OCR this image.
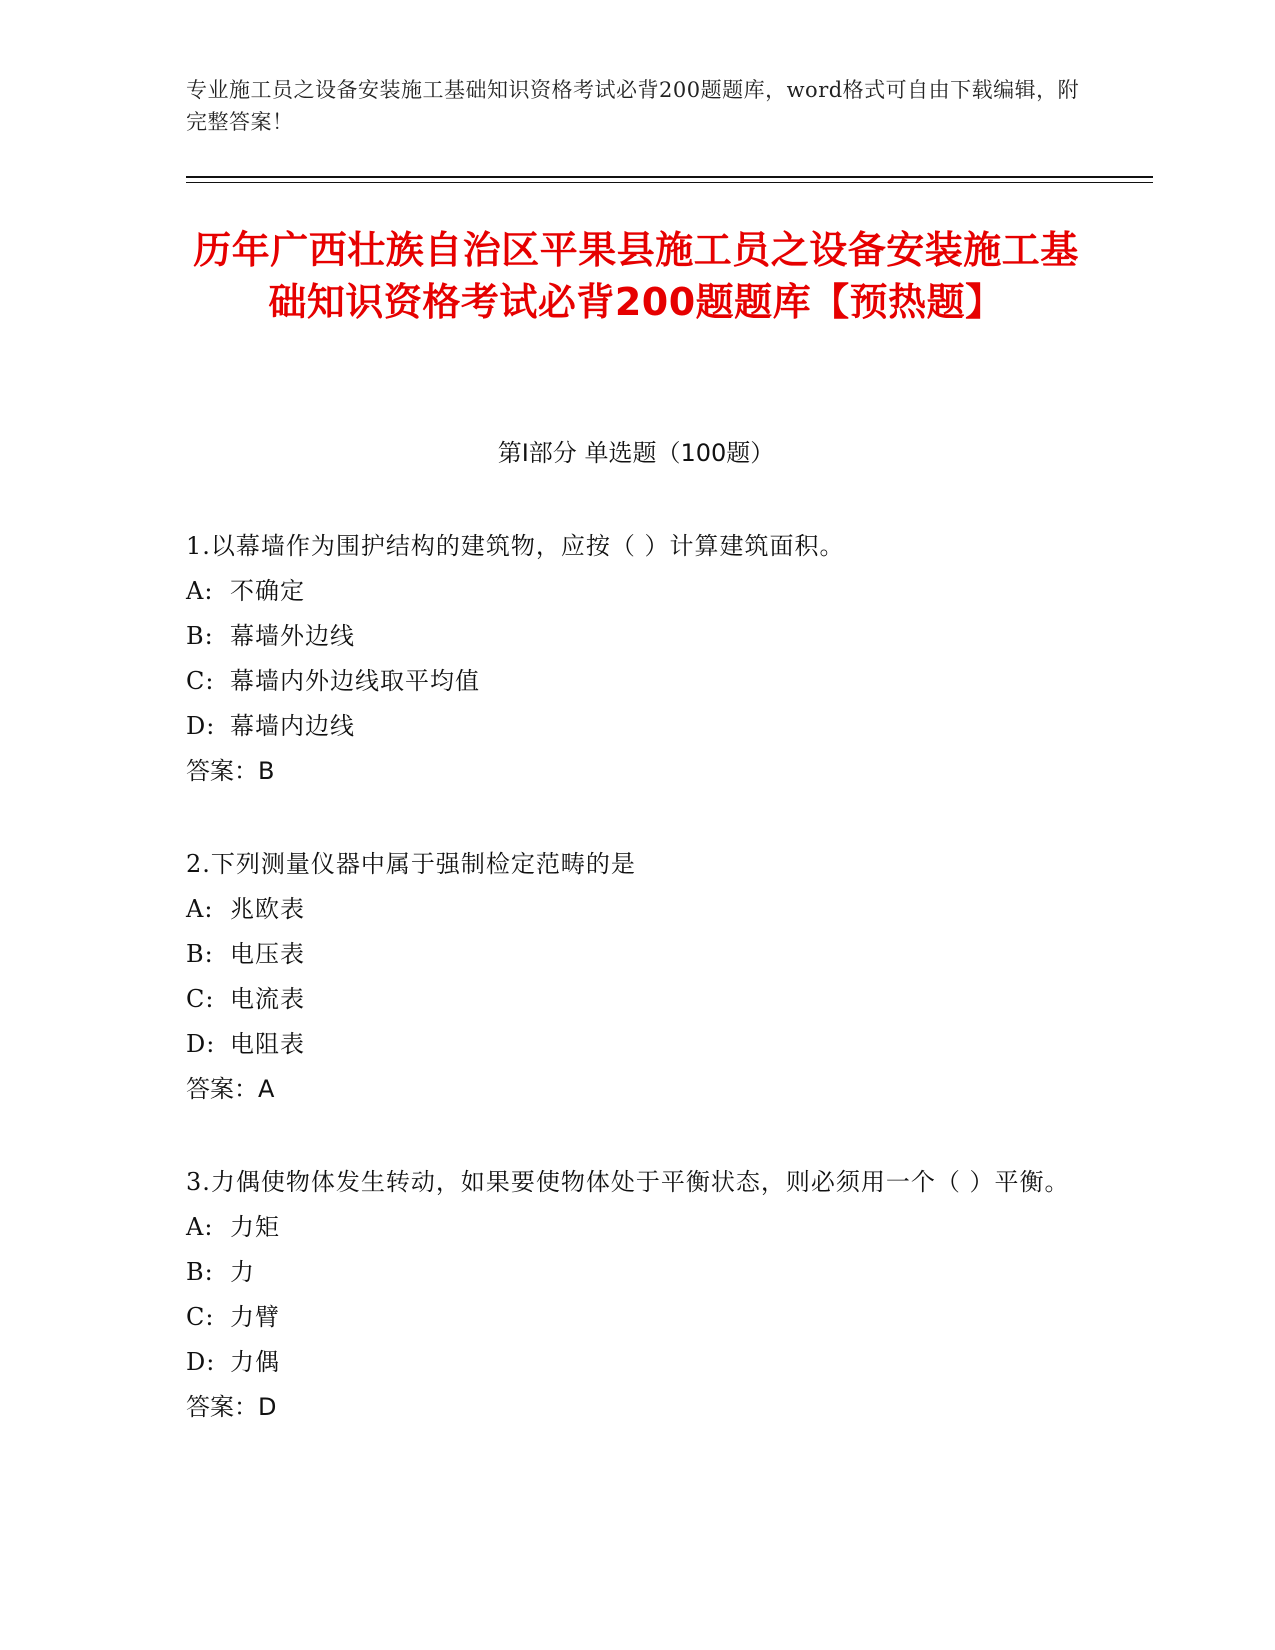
专业施工员之设备安装施工基础知识资格考试必背200题题库，word格式可自由下载编辑，附完整答案！
历年广西壮族自治区平果县施工员之设备安装施工基础知识资格考试必背200题题库【预热题】
第I部分 单选题（100题）

1.以幕墙作为围护结构的建筑物，应按（ ）计算建筑面积。

A: 不确定

B: 幕墙外边线

C: 幕墙内外边线取平均值

D: 幕墙内边线

答案：B

2.下列测量仪器中属于强制检定范畴的是

A: 兆欧表

B: 电压表

C: 电流表

D: 电阻表

答案：A

3.力偶使物体发生转动，如果要使物体处于平衡状态，则必须用一个（ ）平衡。

A: 力矩

B: 力

C: 力臂

D: 力偶

答案：D
